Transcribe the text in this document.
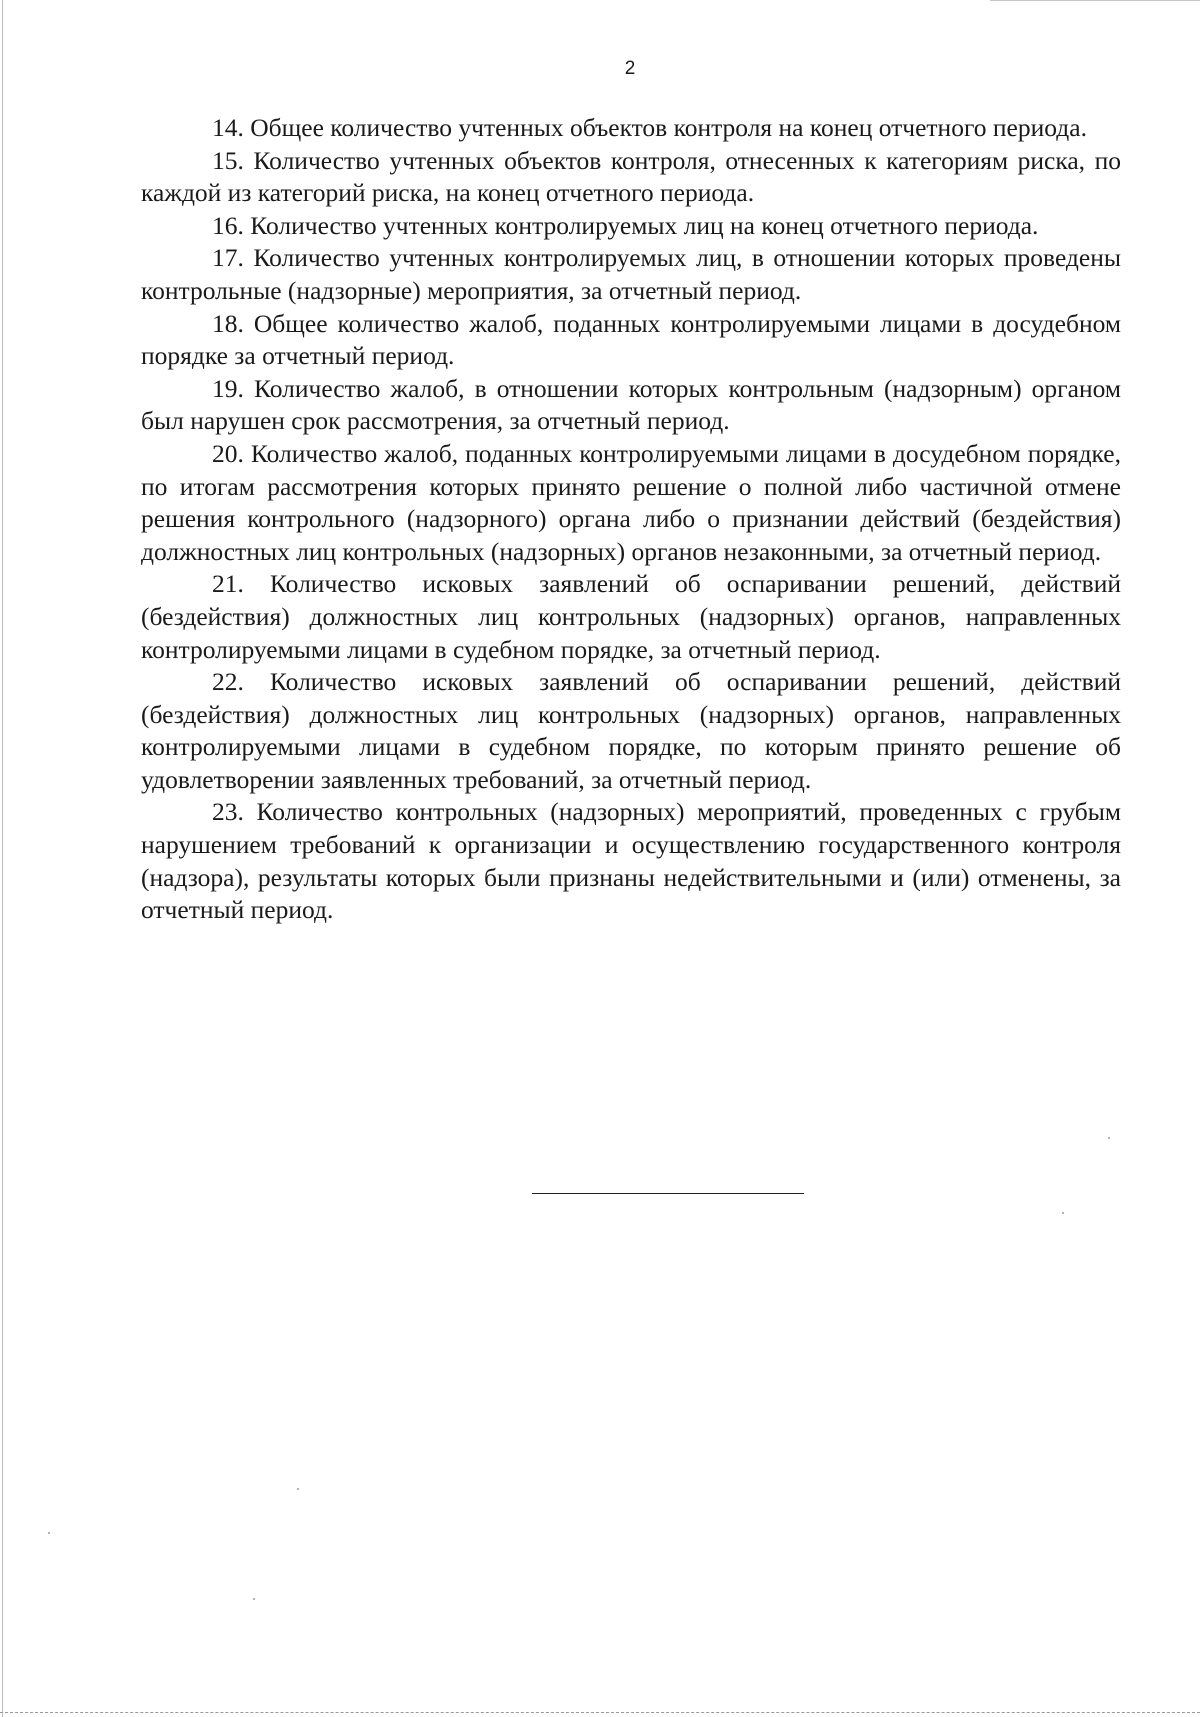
2

14. Общее количество учтенных объектов контроля на конец отчетного периода.

15. Количество учтенных объектов контроля, отнесенных к категориям риска, по каждой из категорий риска, на конец отчетного периода.

16. Количество учтенных контролируемых лиц на конец отчетного периода.

17. Количество учтенных контролируемых лиц, в отношении которых проведены контрольные (надзорные) мероприятия, за отчетный период.

18. Общее количество жалоб, поданных контролируемыми лицами в досудебном порядке за отчетный период.

19. Количество жалоб, в отношении которых контрольным (надзорным) органом был нарушен срок рассмотрения, за отчетный период.

20. Количество жалоб, поданных контролируемыми лицами в досудебном порядке, по итогам рассмотрения которых принято решение о полной либо частичной отмене решения контрольного (надзорного) органа либо о признании действий (бездействия) должностных лиц контрольных (надзорных) органов незаконными, за отчетный период.

21. Количество исковых заявлений об оспаривании решений, действий (бездействия) должностных лиц контрольных (надзорных) органов, направленных контролируемыми лицами в судебном порядке, за отчетный период.

22. Количество исковых заявлений об оспаривании решений, действий (бездействия) должностных лиц контрольных (надзорных) органов, направленных контролируемыми лицами в судебном порядке, по которым принято решение об удовлетворении заявленных требований, за отчетный период.

23. Количество контрольных (надзорных) мероприятий, проведенных с грубым нарушением требований к организации и осуществлению государственного контроля (надзора), результаты которых были признаны недействительными и (или) отменены, за отчетный период.
